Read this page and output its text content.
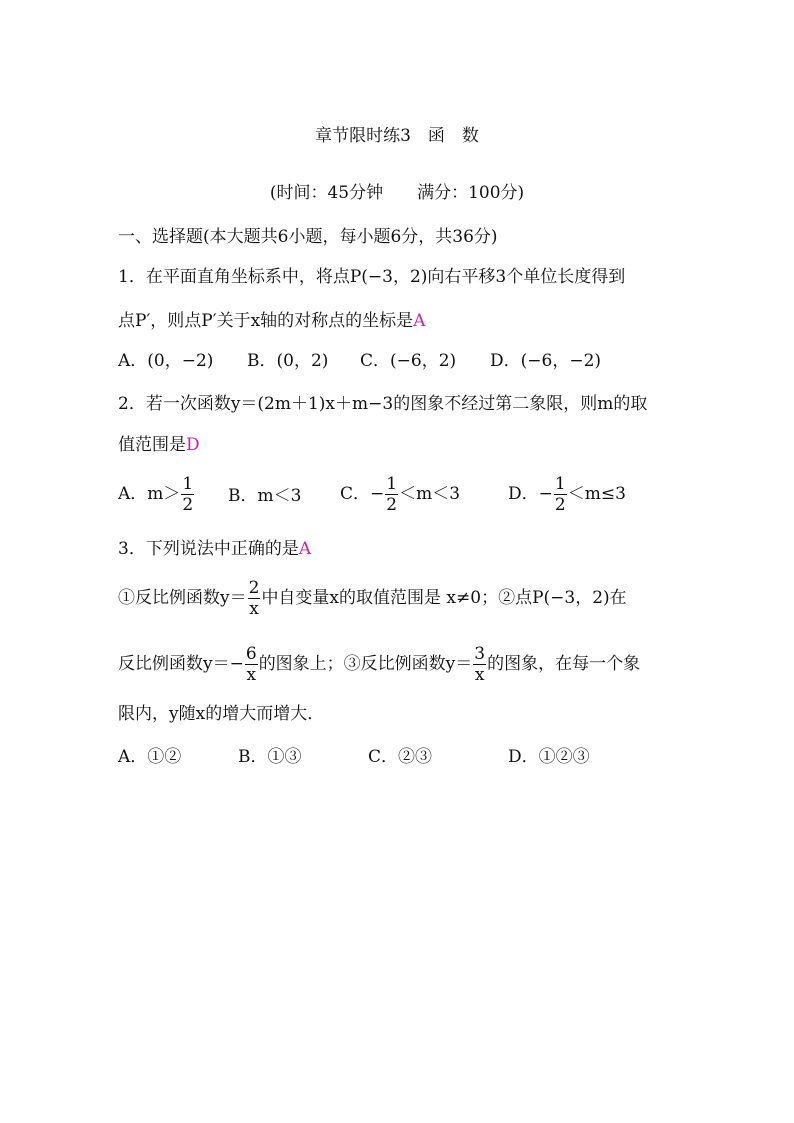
章节限时练3　函　数
(时间：45分钟　　满分：100分)
一、选择题(本大题共6小题，每小题6分，共36分)
1．在平面直角坐标系中，将点P(−3，2)向右平移3个单位长度得到
点P′，则点P′关于x轴的对称点的坐标是A
A．(0，−2) B．(0，2) C．(−6，2) D．(−6，−2)
2．若一次函数y＝(2m＋1)x＋m−3的图象不经过第二象限，则m的取
值范围是D
A．$m> \frac{1}{2}$ B．m＜3 C．− $\frac{1}{2} <m<3$	D．− $\frac{1}{2} <m\le 3$
3．下列说法中正确的是A
①反比例函数$y= \frac{2}{x}$ 中自变量x的取值范围是 x≠0；②点P(−3，2)在
反比例函数$y=- \frac{6}{x}$ 的图象上；③反比例函数$y= \frac{3}{x}$ 的图象，在每一个象
限内，y随x的增大而增大．
A．①②	B．①③	C．②③	D．①②③
